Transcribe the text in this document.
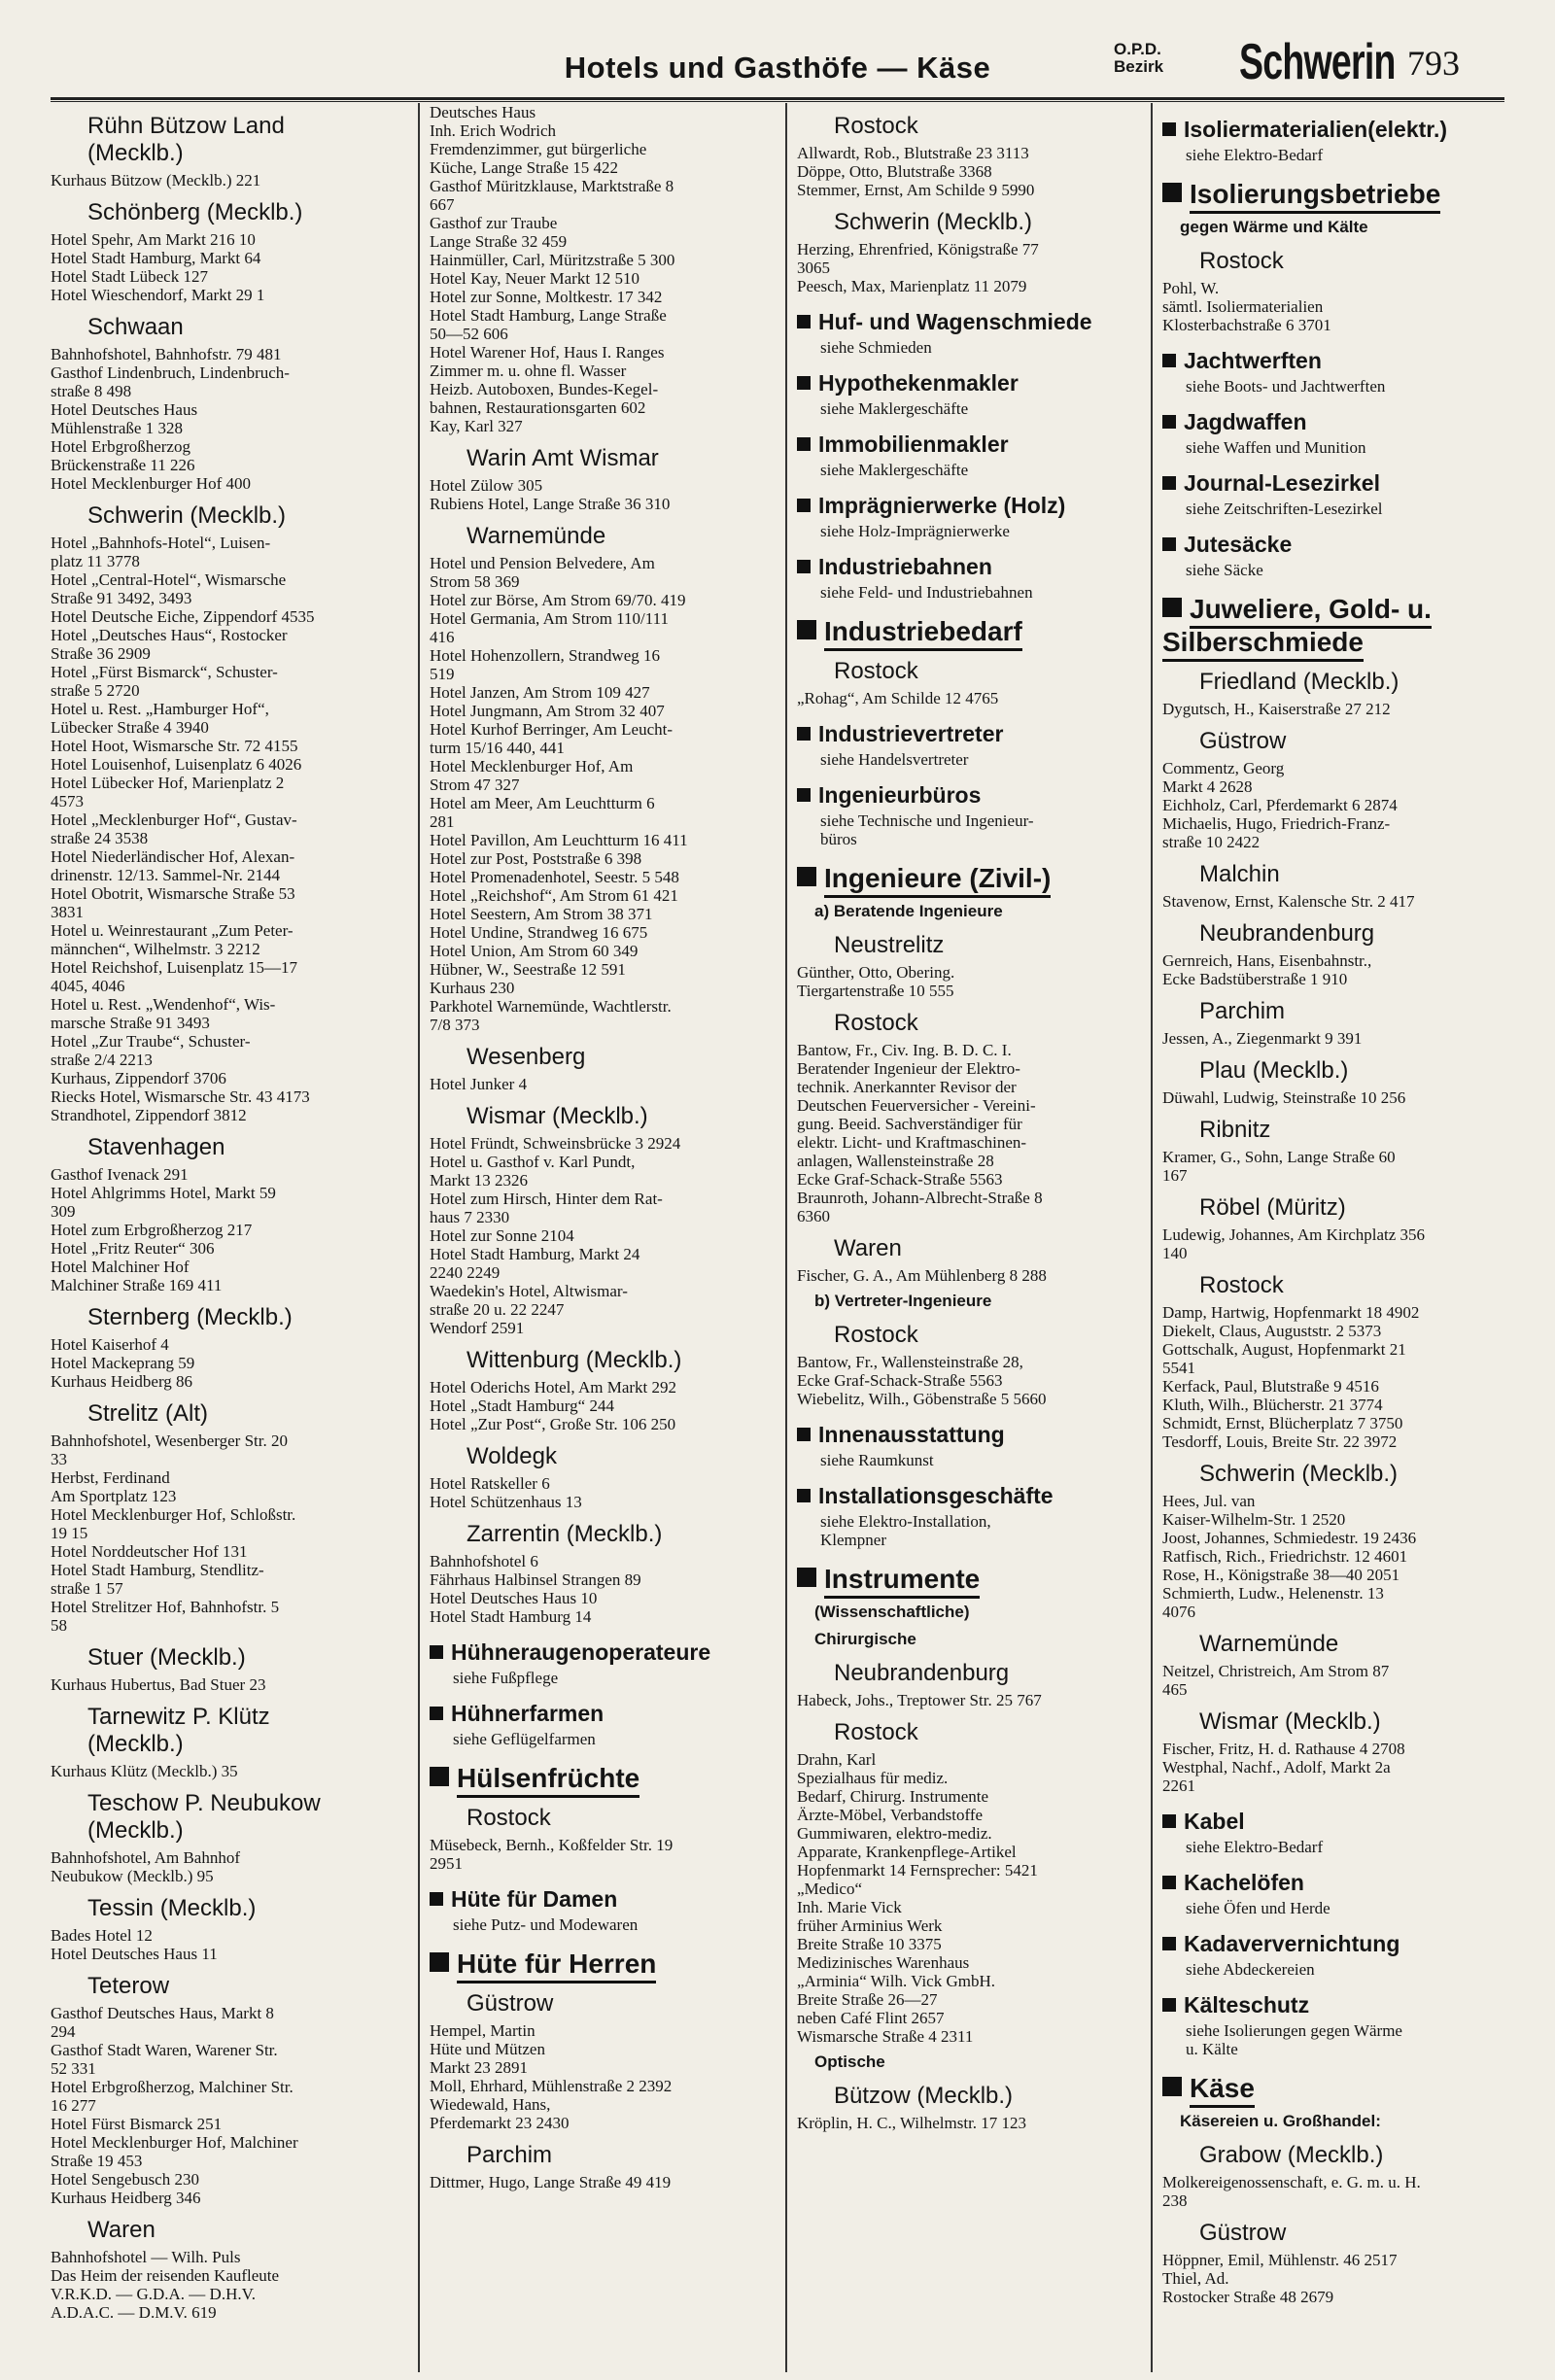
Hotels und Gasthöfe — Käse
O.P.D.
Bezirk Schwerin 793
Rühn Bützow Land
(Mecklb.)
Kurhaus Bützow (Mecklb.) 221
Schönberg (Mecklb.)
Hotel Spehr, Am Markt 216 10
Hotel Stadt Hamburg, Markt 64
Hotel Stadt Lübeck 127
Hotel Wieschendorf, Markt 29 1
Schwaan
Bahnhofshotel, Bahnhofstr. 79 481
Gasthof Lindenbruch, Lindenbruch-
straße 8 498
Hotel Deutsches Haus
Mühlenstraße 1 328
Hotel Erbgroßherzog
Brückenstraße 11 226
Hotel Mecklenburger Hof 400
Schwerin (Mecklb.)
Hotel „Bahnhofs-Hotel“, Luisen-
platz 11 3778
Hotel „Central-Hotel“, Wismarsche
Straße 91 3492, 3493
Hotel Deutsche Eiche, Zippendorf 4535
Hotel „Deutsches Haus“, Rostocker
Straße 36 2909
Hotel „Fürst Bismarck“, Schuster-
straße 5 2720
Hotel u. Rest. „Hamburger Hof“,
Lübecker Straße 4 3940
Hotel Hoot, Wismarsche Str. 72 4155
Hotel Louisenhof, Luisenplatz 6 4026
Hotel Lübecker Hof, Marienplatz 2
4573
Hotel „Mecklenburger Hof“, Gustav-
straße 24 3538
Hotel Niederländischer Hof, Alexan-
drinenstr. 12/13. Sammel-Nr. 2144
Hotel Obotrit, Wismarsche Straße 53
3831
Hotel u. Weinrestaurant „Zum Peter-
männchen“, Wilhelmstr. 3 2212
Hotel Reichshof, Luisenplatz 15—17
4045, 4046
Hotel u. Rest. „Wendenhof“, Wis-
marsche Straße 91 3493
Hotel „Zur Traube“, Schuster-
straße 2/4 2213
Kurhaus, Zippendorf 3706
Riecks Hotel, Wismarsche Str. 43 4173
Strandhotel, Zippendorf 3812
Stavenhagen
Gasthof Ivenack 291
Hotel Ahlgrimms Hotel, Markt 59
309
Hotel zum Erbgroßherzog 217
Hotel „Fritz Reuter“ 306
Hotel Malchiner Hof
Malchiner Straße 169 411
Sternberg (Mecklb.)
Hotel Kaiserhof 4
Hotel Mackeprang 59
Kurhaus Heidberg 86
Strelitz (Alt)
Bahnhofshotel, Wesenberger Str. 20
33
Herbst, Ferdinand
Am Sportplatz 123
Hotel Mecklenburger Hof, Schloßstr.
19 15
Hotel Norddeutscher Hof 131
Hotel Stadt Hamburg, Stendlitz-
straße 1 57
Hotel Strelitzer Hof, Bahnhofstr. 5
58
Stuer (Mecklb.)
Kurhaus Hubertus, Bad Stuer 23
Tarnewitz P. Klütz
(Mecklb.)
Kurhaus Klütz (Mecklb.) 35
Teschow P. Neubukow
(Mecklb.)
Bahnhofshotel, Am Bahnhof
Neubukow (Mecklb.) 95
Tessin (Mecklb.)
Bades Hotel 12
Hotel Deutsches Haus 11
Teterow
Gasthof Deutsches Haus, Markt 8
294
Gasthof Stadt Waren, Warener Str.
52 331
Hotel Erbgroßherzog, Malchiner Str.
16 277
Hotel Fürst Bismarck 251
Hotel Mecklenburger Hof, Malchiner
Straße 19 453
Hotel Sengebusch 230
Kurhaus Heidberg 346
Waren
Bahnhofshotel — Wilh. Puls
Das Heim der reisenden Kaufleute
V.R.K.D. — G.D.A. — D.H.V.
A.D.A.C. — D.M.V. 619
Deutsches Haus
Inh. Erich Wodrich
Fremdenzimmer, gut bürgerliche
Küche, Lange Straße 15 422
Gasthof Müritzklause, Marktstraße 8
667
Gasthof zur Traube
Lange Straße 32 459
Hainmüller, Carl, Müritzstraße 5 300
Hotel Kay, Neuer Markt 12 510
Hotel zur Sonne, Moltkestr. 17 342
Hotel Stadt Hamburg, Lange Straße
50—52 606
Hotel Warener Hof, Haus I. Ranges
Zimmer m. u. ohne fl. Wasser
Heizb. Autoboxen, Bundes-Kegel-
bahnen, Restaurationsgarten 602
Kay, Karl 327
Warin Amt Wismar
Hotel Zülow 305
Rubiens Hotel, Lange Straße 36 310
Warnemünde
Hotel und Pension Belvedere, Am
Strom 58 369
Hotel zur Börse, Am Strom 69/70. 419
Hotel Germania, Am Strom 110/111
416
Hotel Hohenzollern, Strandweg 16
519
Hotel Janzen, Am Strom 109 427
Hotel Jungmann, Am Strom 32 407
Hotel Kurhof Berringer, Am Leucht-
turm 15/16 440, 441
Hotel Mecklenburger Hof, Am
Strom 47 327
Hotel am Meer, Am Leuchtturm 6
281
Hotel Pavillon, Am Leuchtturm 16 411
Hotel zur Post, Poststraße 6 398
Hotel Promenadenhotel, Seestr. 5 548
Hotel „Reichshof“, Am Strom 61 421
Hotel Seestern, Am Strom 38 371
Hotel Undine, Strandweg 16 675
Hotel Union, Am Strom 60 349
Hübner, W., Seestraße 12 591
Kurhaus 230
Parkhotel Warnemünde, Wachtlerstr.
7/8 373
Wesenberg
Hotel Junker 4
Wismar (Mecklb.)
Hotel Fründt, Schweinsbrücke 3 2924
Hotel u. Gasthof v. Karl Pundt,
Markt 13 2326
Hotel zum Hirsch, Hinter dem Rat-
haus 7 2330
Hotel zur Sonne 2104
Hotel Stadt Hamburg, Markt 24
2240 2249
Waedekin's Hotel, Altwismar-
straße 20 u. 22 2247
Wendorf 2591
Wittenburg (Mecklb.)
Hotel Oderichs Hotel, Am Markt 292
Hotel „Stadt Hamburg“ 244
Hotel „Zur Post“, Große Str. 106 250
Woldegk
Hotel Ratskeller 6
Hotel Schützenhaus 13
Zarrentin (Mecklb.)
Bahnhofshotel 6
Fährhaus Halbinsel Strangen 89
Hotel Deutsches Haus 10
Hotel Stadt Hamburg 14
Hühneraugenoperateure
siehe Fußpflege
Hühnerfarmen
siehe Geflügelfarmen
Hülsenfrüchte
Rostock
Müsebeck, Bernh., Koßfelder Str. 19
2951
Hüte für Damen
siehe Putz- und Modewaren
Hüte für Herren
Güstrow
Hempel, Martin
Hüte und Mützen
Markt 23 2891
Moll, Ehrhard, Mühlenstraße 2 2392
Wiedewald, Hans,
Pferdemarkt 23 2430
Parchim
Dittmer, Hugo, Lange Straße 49 419
Rostock
Allwardt, Rob., Blutstraße 23 3113
Döppe, Otto, Blutstraße 3368
Stemmer, Ernst, Am Schilde 9 5990
Schwerin (Mecklb.)
Herzing, Ehrenfried, Königstraße 77
3065
Peesch, Max, Marienplatz 11 2079
Huf- und Wagenschmiede
siehe Schmieden
Hypothekenmakler
siehe Maklergeschäfte
Immobilienmakler
siehe Maklergeschäfte
Imprägnierwerke (Holz)
siehe Holz-Imprägnierwerke
Industriebahnen
siehe Feld- und Industriebahnen
Industriebedarf
Rostock
„Rohag“, Am Schilde 12 4765
Industrievertreter
siehe Handelsvertreter
Ingenieurbüros
siehe Technische und Ingenieur-
büros
Ingenieure (Zivil-)
a) Beratende Ingenieure
Neustrelitz
Günther, Otto, Obering.
Tiergartenstraße 10 555
Rostock
Bantow, Fr., Civ. Ing. B. D. C. I.
Beratender Ingenieur der Elektro-
technik. Anerkannter Revisor der
Deutschen Feuerversicher - Vereini-
gung. Beeid. Sachverständiger für
elektr. Licht- und Kraftmaschinen-
anlagen, Wallensteinstraße 28
Ecke Graf-Schack-Straße 5563
Braunroth, Johann-Albrecht-Straße 8
6360
Waren
Fischer, G. A., Am Mühlenberg 8 288
b) Vertreter-Ingenieure
Rostock
Bantow, Fr., Wallensteinstraße 28,
Ecke Graf-Schack-Straße 5563
Wiebelitz, Wilh., Göbenstraße 5 5660
Innenausstattung
siehe Raumkunst
Installationsgeschäfte
siehe Elektro-Installation,
Klempner
Instrumente
(Wissenschaftliche)
Chirurgische
Neubrandenburg
Habeck, Johs., Treptower Str. 25 767
Rostock
Drahn, Karl
Spezialhaus für mediz.
Bedarf, Chirurg. Instrumente
Ärzte-Möbel, Verbandstoffe
Gummiwaren, elektro-mediz.
Apparate, Krankenpflege-Artikel
Hopfenmarkt 14 Fernsprecher: 5421
„Medico“
Inh. Marie Vick
früher Arminius Werk
Breite Straße 10 3375
Medizinisches Warenhaus
„Arminia“ Wilh. Vick GmbH.
Breite Straße 26—27
neben Café Flint 2657
Wismarsche Straße 4 2311
Optische
Bützow (Mecklb.)
Kröplin, H. C., Wilhelmstr. 17 123
Isoliermaterialien(elektr.)
siehe Elektro-Bedarf
Isolierungsbetriebe
gegen Wärme und Kälte
Rostock
Pohl, W.
sämtl. Isoliermaterialien
Klosterbachstraße 6 3701
Jachtwerften
siehe Boots- und Jachtwerften
Jagdwaffen
siehe Waffen und Munition
Journal-Lesezirkel
siehe Zeitschriften-Lesezirkel
Jutesäcke
siehe Säcke
Juweliere, Gold- u.
Silberschmiede
Friedland (Mecklb.)
Dygutsch, H., Kaiserstraße 27 212
Güstrow
Commentz, Georg
Markt 4 2628
Eichholz, Carl, Pferdemarkt 6 2874
Michaelis, Hugo, Friedrich-Franz-
straße 10 2422
Malchin
Stavenow, Ernst, Kalensche Str. 2 417
Neubrandenburg
Gernreich, Hans, Eisenbahnstr.,
Ecke Badstüberstraße 1 910
Parchim
Jessen, A., Ziegenmarkt 9 391
Plau (Mecklb.)
Düwahl, Ludwig, Steinstraße 10 256
Ribnitz
Kramer, G., Sohn, Lange Straße 60
167
Röbel (Müritz)
Ludewig, Johannes, Am Kirchplatz 356
140
Rostock
Damp, Hartwig, Hopfenmarkt 18 4902
Diekelt, Claus, Auguststr. 2 5373
Gottschalk, August, Hopfenmarkt 21
5541
Kerfack, Paul, Blutstraße 9 4516
Kluth, Wilh., Blücherstr. 21 3774
Schmidt, Ernst, Blücherplatz 7 3750
Tesdorff, Louis, Breite Str. 22 3972
Schwerin (Mecklb.)
Hees, Jul. van
Kaiser-Wilhelm-Str. 1 2520
Joost, Johannes, Schmiedestr. 19 2436
Ratfisch, Rich., Friedrichstr. 12 4601
Rose, H., Königstraße 38—40 2051
Schmierth, Ludw., Helenenstr. 13
4076
Warnemünde
Neitzel, Christreich, Am Strom 87
465
Wismar (Mecklb.)
Fischer, Fritz, H. d. Rathause 4 2708
Westphal, Nachf., Adolf, Markt 2a
2261
Kabel
siehe Elektro-Bedarf
Kachelöfen
siehe Öfen und Herde
Kadaververnichtung
siehe Abdeckereien
Kälteschutz
siehe Isolierungen gegen Wärme
u. Kälte
Käse
Käsereien u. Großhandel:
Grabow (Mecklb.)
Molkereigenossenschaft, e. G. m. u. H.
238
Güstrow
Höppner, Emil, Mühlenstr. 46 2517
Thiel, Ad.
Rostocker Straße 48 2679
